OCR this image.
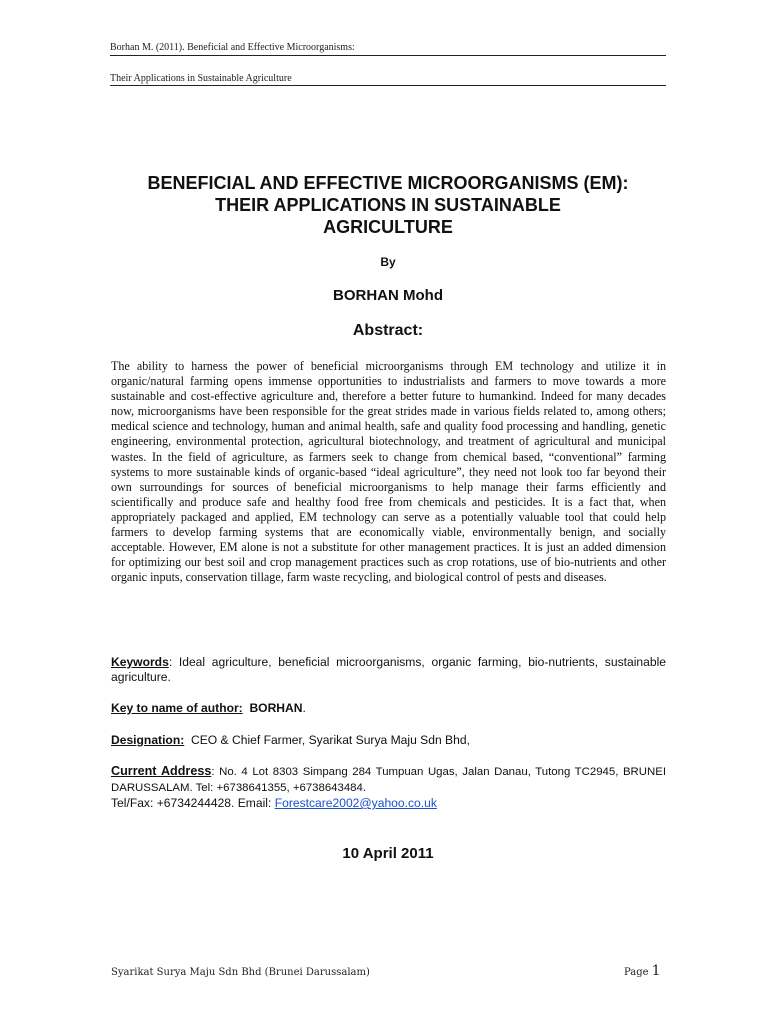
Borhan M. (2011). Beneficial and Effective Microorganisms:
Their Applications in Sustainable Agriculture
BENEFICIAL AND EFFECTIVE MICROORGANISMS (EM):
THEIR APPLICATIONS IN SUSTAINABLE
AGRICULTURE
By
BORHAN Mohd
Abstract:

The ability to harness the power of beneficial microorganisms through EM technology and utilize it in organic/natural farming opens immense opportunities to industrialists and farmers to move towards a more sustainable and cost-effective agriculture and, therefore a better future to humankind. Indeed for many decades now, microorganisms have been responsible for the great strides made in various fields related to, among others; medical science and technology, human and animal health, safe and quality food processing and handling, genetic engineering, environmental protection, agricultural biotechnology, and treatment of agricultural and municipal wastes. In the field of agriculture, as farmers seek to change from chemical based, “conventional” farming systems to more sustainable kinds of organic-based “ideal agriculture”, they need not look too far beyond their own surroundings for sources of beneficial microorganisms to help manage their farms efficiently and scientifically and produce safe and healthy food free from chemicals and pesticides. It is a fact that, when appropriately packaged and applied, EM technology can serve as a potentially valuable tool that could help farmers to develop farming systems that are economically viable, environmentally benign, and socially acceptable. However, EM alone is not a substitute for other management practices. It is just an added dimension for optimizing our best soil and crop management practices such as crop rotations, use of bio-nutrients and other organic inputs, conservation tillage, farm waste recycling, and biological control of pests and diseases.

Keywords: Ideal agriculture, beneficial microorganisms, organic farming, bio-nutrients, sustainable agriculture.

Key to name of author: BORHAN.

Designation: CEO & Chief Farmer, Syarikat Surya Maju Sdn Bhd,

Current Address: No. 4 Lot 8303 Simpang 284 Tumpuan Ugas, Jalan Danau, Tutong TC2945, BRUNEI DARUSSALAM. Tel: +6738641355, +6738643484.
Tel/Fax: +6734244428. Email: Forestcare2002@yahoo.co.uk

10 April 2011
Syarikat Surya Maju Sdn Bhd (Brunei Darussalam)	Page 1
